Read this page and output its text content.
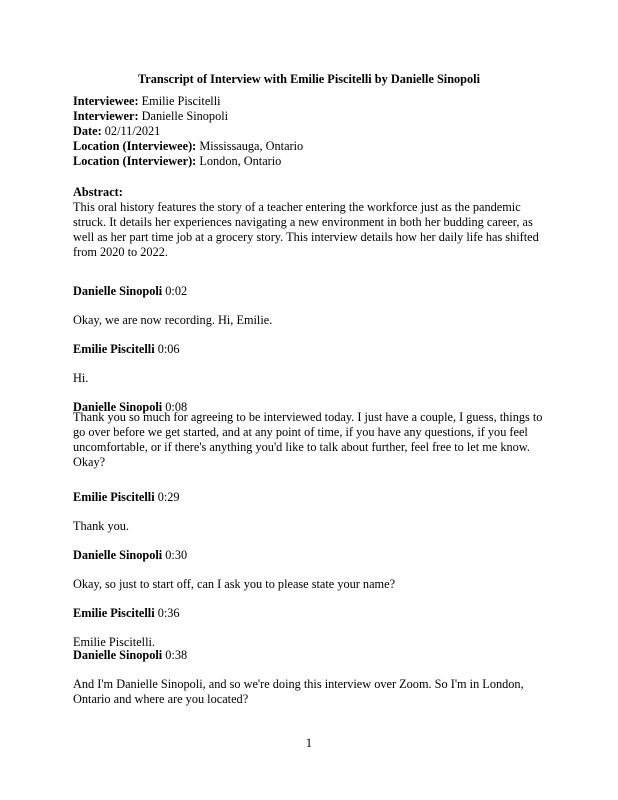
Transcript of Interview with Emilie Piscitelli by Danielle Sinopoli
Interviewee: Emilie Piscitelli
Interviewer: Danielle Sinopoli
Date: 02/11/2021
Location (Interviewee): Mississauga, Ontario
Location (Interviewer): London, Ontario
Abstract:

This oral history features the story of a teacher entering the workforce just as the pandemic struck. It details her experiences navigating a new environment in both her budding career, as well as her part time job at a grocery story. This interview details how her daily life has shifted from 2020 to 2022.

Danielle Sinopoli 0:02
Okay, we are now recording. Hi, Emilie.
Emilie Piscitelli 0:06
Hi.
Danielle Sinopoli 0:08
Thank you so much for agreeing to be interviewed today. I just have a couple, I guess, things to go over before we get started, and at any point of time, if you have any questions, if you feel uncomfortable, or if there's anything you'd like to talk about further, feel free to let me know. Okay?
Emilie Piscitelli 0:29
Thank you.
Danielle Sinopoli 0:30
Okay, so just to start off, can I ask you to please state your name?
Emilie Piscitelli 0:36
Emilie Piscitelli.
Danielle Sinopoli 0:38
And I'm Danielle Sinopoli, and so we're doing this interview over Zoom. So I'm in London, Ontario and where are you located?
1
